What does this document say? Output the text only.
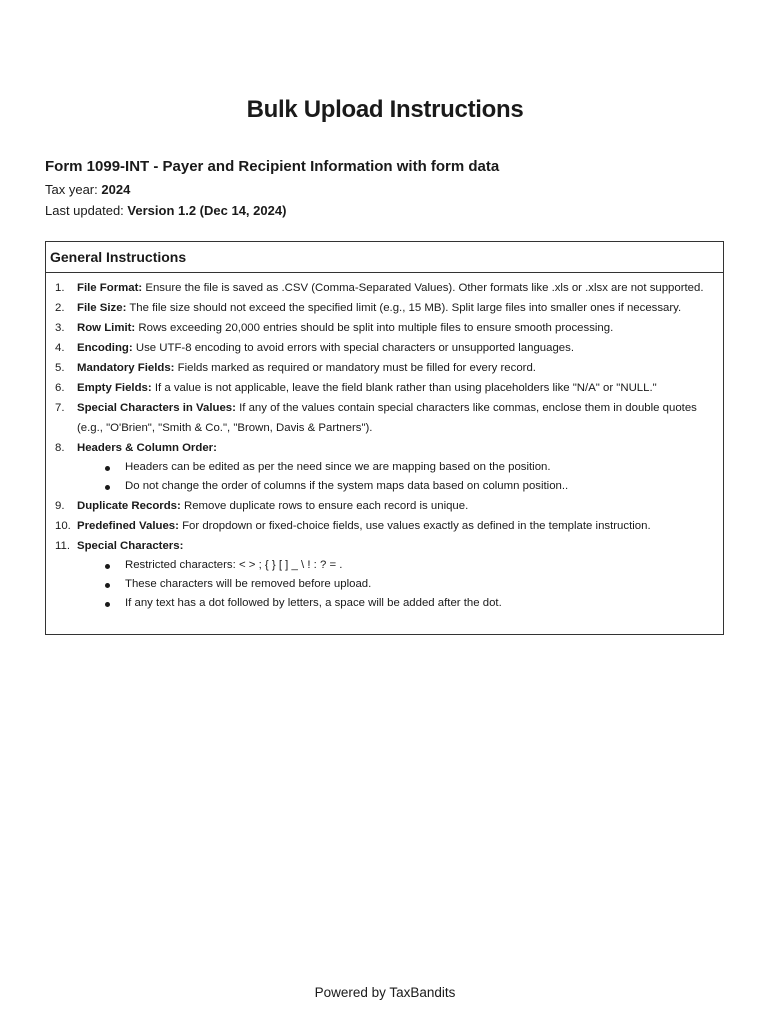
Bulk Upload Instructions
Form 1099-INT - Payer and Recipient Information with form data
Tax year: 2024
Last updated: Version 1.2 (Dec 14, 2024)
General Instructions
1. File Format: Ensure the file is saved as .CSV (Comma-Separated Values). Other formats like .xls or .xlsx are not supported.
2. File Size: The file size should not exceed the specified limit (e.g., 15 MB). Split large files into smaller ones if necessary.
3. Row Limit: Rows exceeding 20,000 entries should be split into multiple files to ensure smooth processing.
4. Encoding: Use UTF-8 encoding to avoid errors with special characters or unsupported languages.
5. Mandatory Fields: Fields marked as required or mandatory must be filled for every record.
6. Empty Fields: If a value is not applicable, leave the field blank rather than using placeholders like "N/A" or "NULL."
7. Special Characters in Values: If any of the values contain special characters like commas, enclose them in double quotes (e.g., "O'Brien", "Smith & Co.", "Brown, Davis & Partners").
8. Headers & Column Order:
Headers can be edited as per the need since we are mapping based on the position.
Do not change the order of columns if the system maps data based on column position..
9. Duplicate Records: Remove duplicate rows to ensure each record is unique.
10. Predefined Values: For dropdown or fixed-choice fields, use values exactly as defined in the template instruction.
11. Special Characters:
Restricted characters: < > ; { } [ ] _ \ ! : ? = .
These characters will be removed before upload.
If any text has a dot followed by letters, a space will be added after the dot.
Powered by TaxBandits
